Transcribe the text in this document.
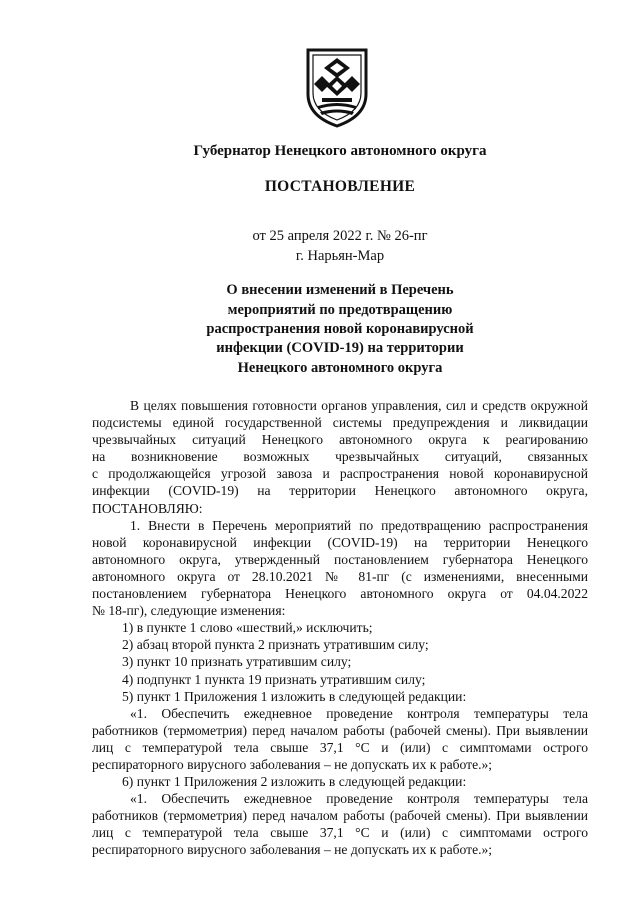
Губернатор Ненецкого автономного округа

ПОСТАНОВЛЕНИЕ

от 25 апреля 2022 г. № 26-пг

г. Нарьян-Мар

О внесении изменений в Перечень

мероприятий по предотвращению

распространения новой коронавирусной

инфекции (COVID-19) на территории

Ненецкого автономного округа

В целях повышения готовности органов управления, сил и средств окружной
подсистемы единой государственной системы предупреждения и ликвидации
чрезвычайных ситуаций Ненецкого автономного округа к реагированию
на возникновение возможных чрезвычайных ситуаций, связанных
с продолжающейся угрозой завоза и распространения новой коронавирусной
инфекции (COVID-19) на территории Ненецкого автономного округа,
ПОСТАНОВЛЯЮ:
1. Внести в Перечень мероприятий по предотвращению распространения
новой коронавирусной инфекции (COVID-19) на территории Ненецкого
автономного округа, утвержденный постановлением губернатора Ненецкого
автономного округа от 28.10.2021 № 81-пг (с изменениями, внесенными
постановлением губернатора Ненецкого автономного округа от 04.04.2022
№ 18-пг), следующие изменения:
1) в пункте 1 слово «шествий,» исключить;
2) абзац второй пункта 2 признать утратившим силу;
3) пункт 10 признать утратившим силу;
4) подпункт 1 пункта 19 признать утратившим силу;
5) пункт 1 Приложения 1 изложить в следующей редакции:
«1. Обеспечить ежедневное проведение контроля температуры тела
работников (термометрия) перед началом работы (рабочей смены). При выявлении
лиц с температурой тела свыше 37,1 °С и (или) с симптомами острого
респираторного вирусного заболевания – не допускать их к работе.»;
6) пункт 1 Приложения 2 изложить в следующей редакции:
«1. Обеспечить ежедневное проведение контроля температуры тела
работников (термометрия) перед началом работы (рабочей смены). При выявлении
лиц с температурой тела свыше 37,1 °С и (или) с симптомами острого
респираторного вирусного заболевания – не допускать их к работе.»;
